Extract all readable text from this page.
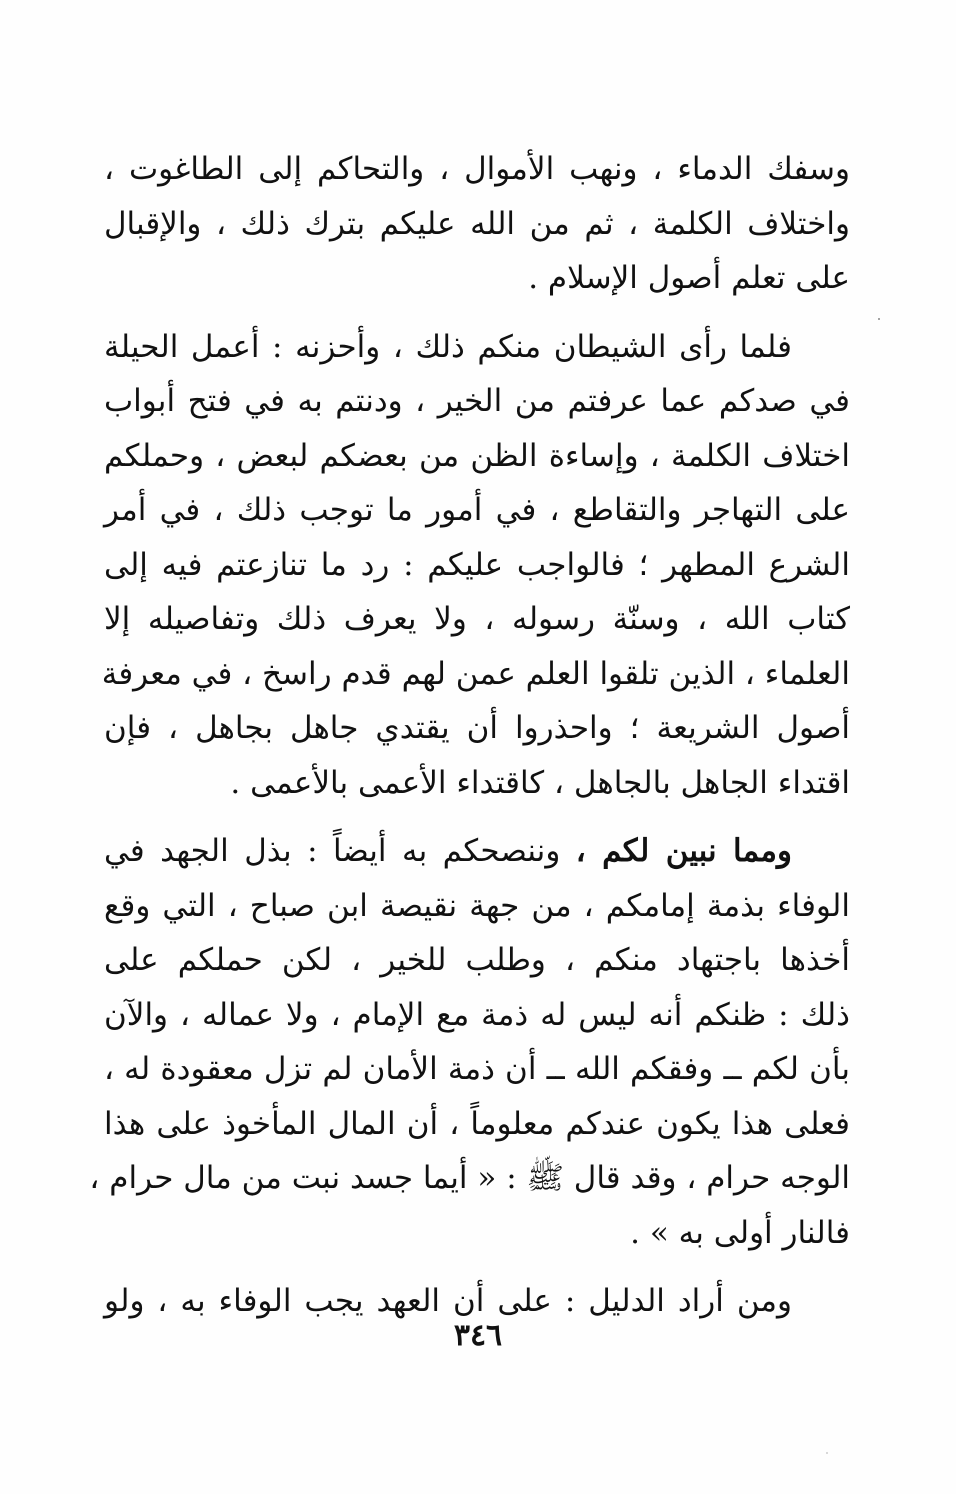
وسفك الدماء ، ونهب الأموال ، والتحاكم إلى الطاغوت ،
واختلاف الكلمة ، ثم من الله عليكم بترك ذلك ، والإقبال
على تعلم أصول الإسلام .
فلما رأى الشيطان منكم ذلك ، وأحزنه : أعمل الحيلة
في صدكم عما عرفتم من الخير ، ودنتم به في فتح أبواب
اختلاف الكلمة ، وإساءة الظن من بعضكم لبعض ، وحملكم
على التهاجر والتقاطع ، في أمور ما توجب ذلك ، في أمر
الشرع المطهر ؛ فالواجب عليكم : رد ما تنازعتم فيه إلى
كتاب الله ، وسنّة رسوله ، ولا يعرف ذلك وتفاصيله إلا
العلماء ، الذين تلقوا العلم عمن لهم قدم راسخ ، في معرفة
أصول الشريعة ؛ واحذروا أن يقتدي جاهل بجاهل ، فإن
اقتداء الجاهل بالجاهل ، كاقتداء الأعمى بالأعمى .
ومما نبين لكم ، وننصحكم به أيضاً : بذل الجهد في
الوفاء بذمة إمامكم ، من جهة نقيصة ابن صباح ، التي وقع
أخذها باجتهاد منكم ، وطلب للخير ، لكن حملكم على
ذلك : ظنكم أنه ليس له ذمة مع الإمام ، ولا عماله ، والآن
بأن لكم ــ وفقكم الله ــ أن ذمة الأمان لم تزل معقودة له ،
فعلى هذا يكون عندكم معلوماً ، أن المال المأخوذ على هذا
الوجه حرام ، وقد قال ﷺ : « أيما جسد نبت من مال حرام ،
فالنار أولى به » .
ومن أراد الدليل : على أن العهد يجب الوفاء به ، ولو
٣٤٦
